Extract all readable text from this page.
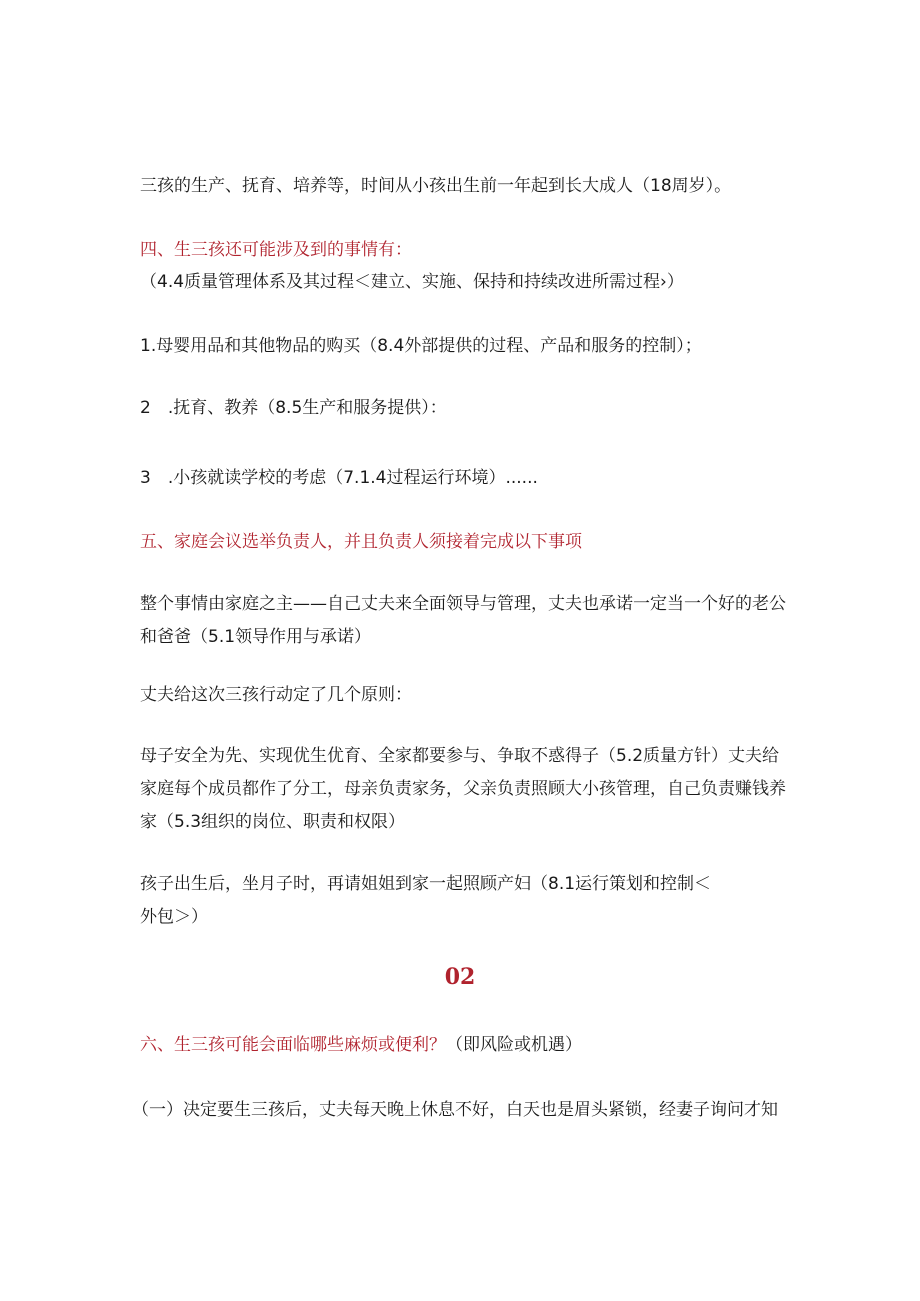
三孩的生产、抚育、培养等，时间从小孩出生前一年起到长大成人（18周岁）。
四、生三孩还可能涉及到的事情有：
（4.4质量管理体系及其过程＜建立、实施、保持和持续改进所需过程›）
1.母婴用品和其他物品的购买（8.4外部提供的过程、产品和服务的控制）；
2　.抚育、教养（8.5生产和服务提供）：
3　.小孩就读学校的考虑（7.1.4过程运行环境）......
五、家庭会议选举负责人，并且负责人须接着完成以下事项
整个事情由家庭之主——自己丈夫来全面领导与管理，丈夫也承诺一定当一个好的老公
和爸爸（5.1领导作用与承诺）
丈夫给这次三孩行动定了几个原则：
母子安全为先、实现优生优育、全家都要参与、争取不惑得子（5.2质量方针）丈夫给
家庭每个成员都作了分工，母亲负责家务，父亲负责照顾大小孩管理，自己负责赚钱养
家（5.3组织的岗位、职责和权限）
孩子出生后，坐月子时，再请姐姐到家一起照顾产妇（8.1运行策划和控制＜
外包＞）
02
六、生三孩可能会面临哪些麻烦或便利？（即风险或机遇）
（一）决定要生三孩后，丈夫每天晚上休息不好，白天也是眉头紧锁，经妻子询问才知
